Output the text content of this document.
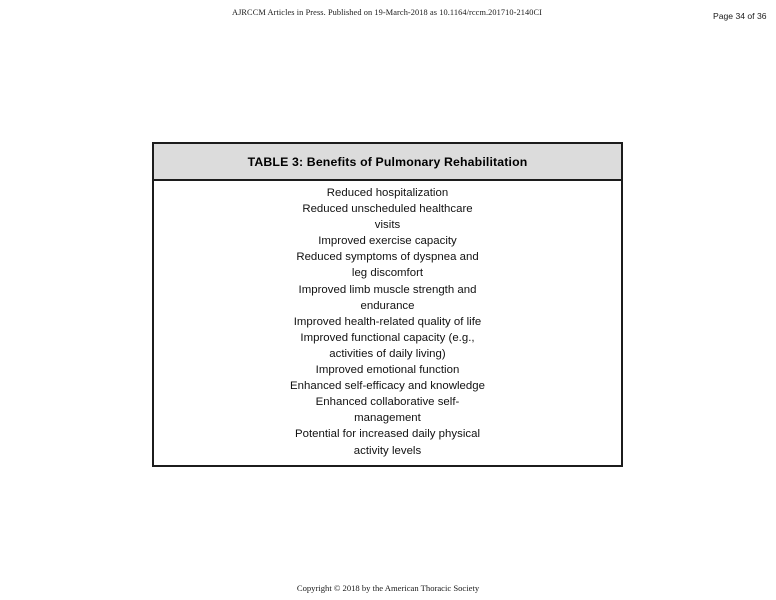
AJRCCM Articles in Press. Published on 19-March-2018 as 10.1164/rccm.201710-2140CI	Page 34 of 36
TABLE 3: Benefits of Pulmonary Rehabilitation
Reduced hospitalization
Reduced unscheduled healthcare
visits
Improved exercise capacity
Reduced symptoms of dyspnea and
leg discomfort
Improved limb muscle strength and
endurance
Improved health-related quality of life
Improved functional capacity (e.g.,
activities of daily living)
Improved emotional function
Enhanced self-efficacy and knowledge
Enhanced collaborative self-
management
Potential for increased daily physical
activity levels
Copyright © 2018 by the American Thoracic Society
